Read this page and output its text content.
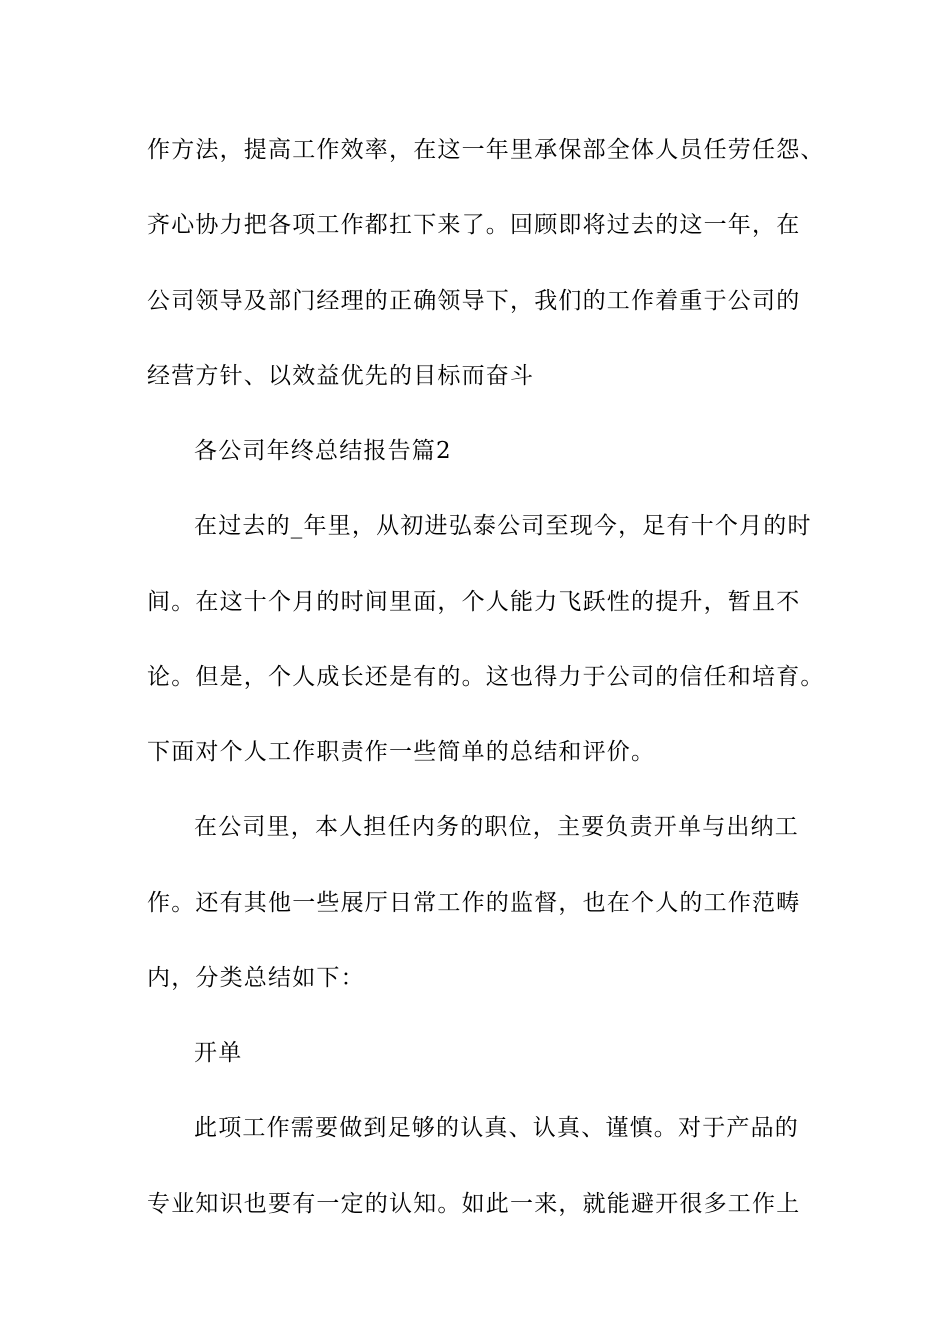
作方法，提高工作效率，在这一年里承保部全体人员任劳任怨、
齐心协力把各项工作都扛下来了。回顾即将过去的这一年，在
公司领导及部门经理的正确领导下，我们的工作着重于公司的
经营方针、以效益优先的目标而奋斗
各公司年终总结报告篇2
在过去的_年里，从初进弘泰公司至现今，足有十个月的时
间。在这十个月的时间里面，个人能力飞跃性的提升，暂且不
论。但是，个人成长还是有的。这也得力于公司的信任和培育。
下面对个人工作职责作一些简单的总结和评价。
在公司里，本人担任内务的职位，主要负责开单与出纳工
作。还有其他一些展厅日常工作的监督，也在个人的工作范畴
内，分类总结如下：
开单
此项工作需要做到足够的认真、认真、谨慎。对于产品的
专业知识也要有一定的认知。如此一来，就能避开很多工作上
